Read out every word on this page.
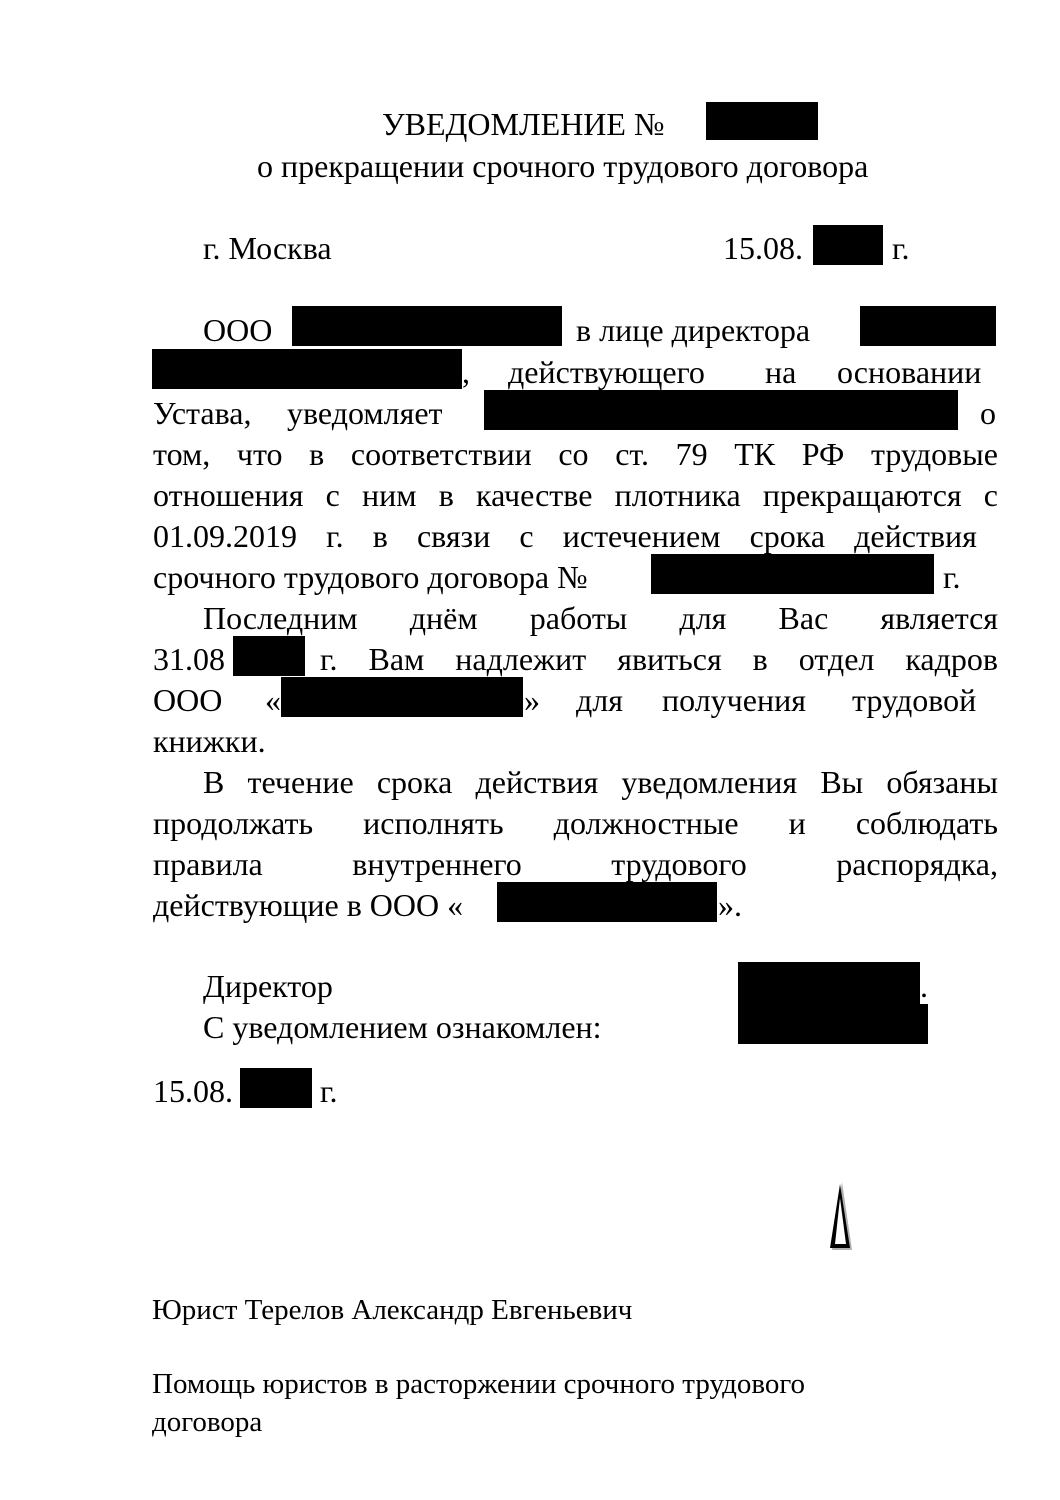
УВЕДОМЛЕНИЕ №
о прекращении срочного трудового договора
г. Москва	15.08.	г.
ООО	в лице директора
, действующего на основании
Устава, уведомляет	о
том, что в соответствии со ст. 79 ТК РФ трудовые
отношения с ним в качестве плотника прекращаются с
01.09.2019 г. в связи с истечением срока действия
срочного трудового договора №	г.
Последним днём работы для Вас является
31.08	г. Вам надлежит явиться в отдел кадров
ООО «	» для получения трудовой
книжки.
В течение срока действия уведомления Вы обязаны
продолжать исполнять должностные и соблюдать
правила внутреннего трудового распорядка,
действующие в ООО «	».
Директор	.
С уведомлением ознакомлен:
15.08.	г.
Юрист Терелов Александр Евгеньевич
Помощь юристов в расторжении срочного трудового
договора
